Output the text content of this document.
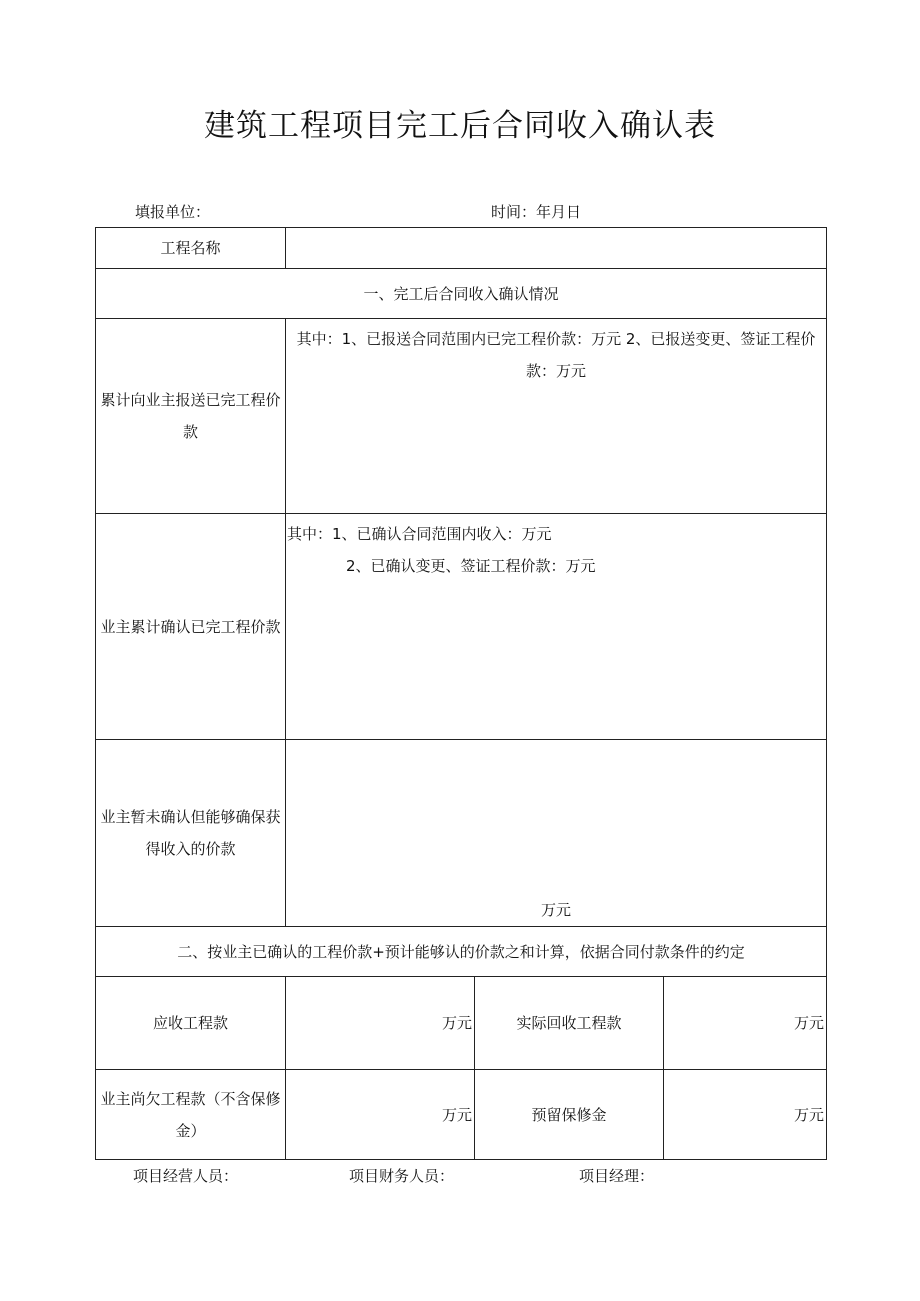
建筑工程项目完工后合同收入确认表
填报单位：	时间：年月日
工程名称			
一、完工后合同收入确认情况			
累计向业主报送已完工程价款	其中：1、已报送合同范围内已完工程价款：万元 2、已报送变更、签证工程价款：万元		

业主累计确认已完工程价款	其中：1、已确认合同范围内收入：万元
2、已确认变更、签证工程价款：万元		

业主暂未确认但能够确保获得收入的价款	万元		
二、按业主已确认的工程价款+预计能够认的价款之和计算，依据合同付款条件的约定			
应收工程款	万元	实际回收工程款	万元
业主尚欠工程款（不含保修金）	万元	预留保修金	万元
项目经营人员：	项目财务人员：	项目经理：
